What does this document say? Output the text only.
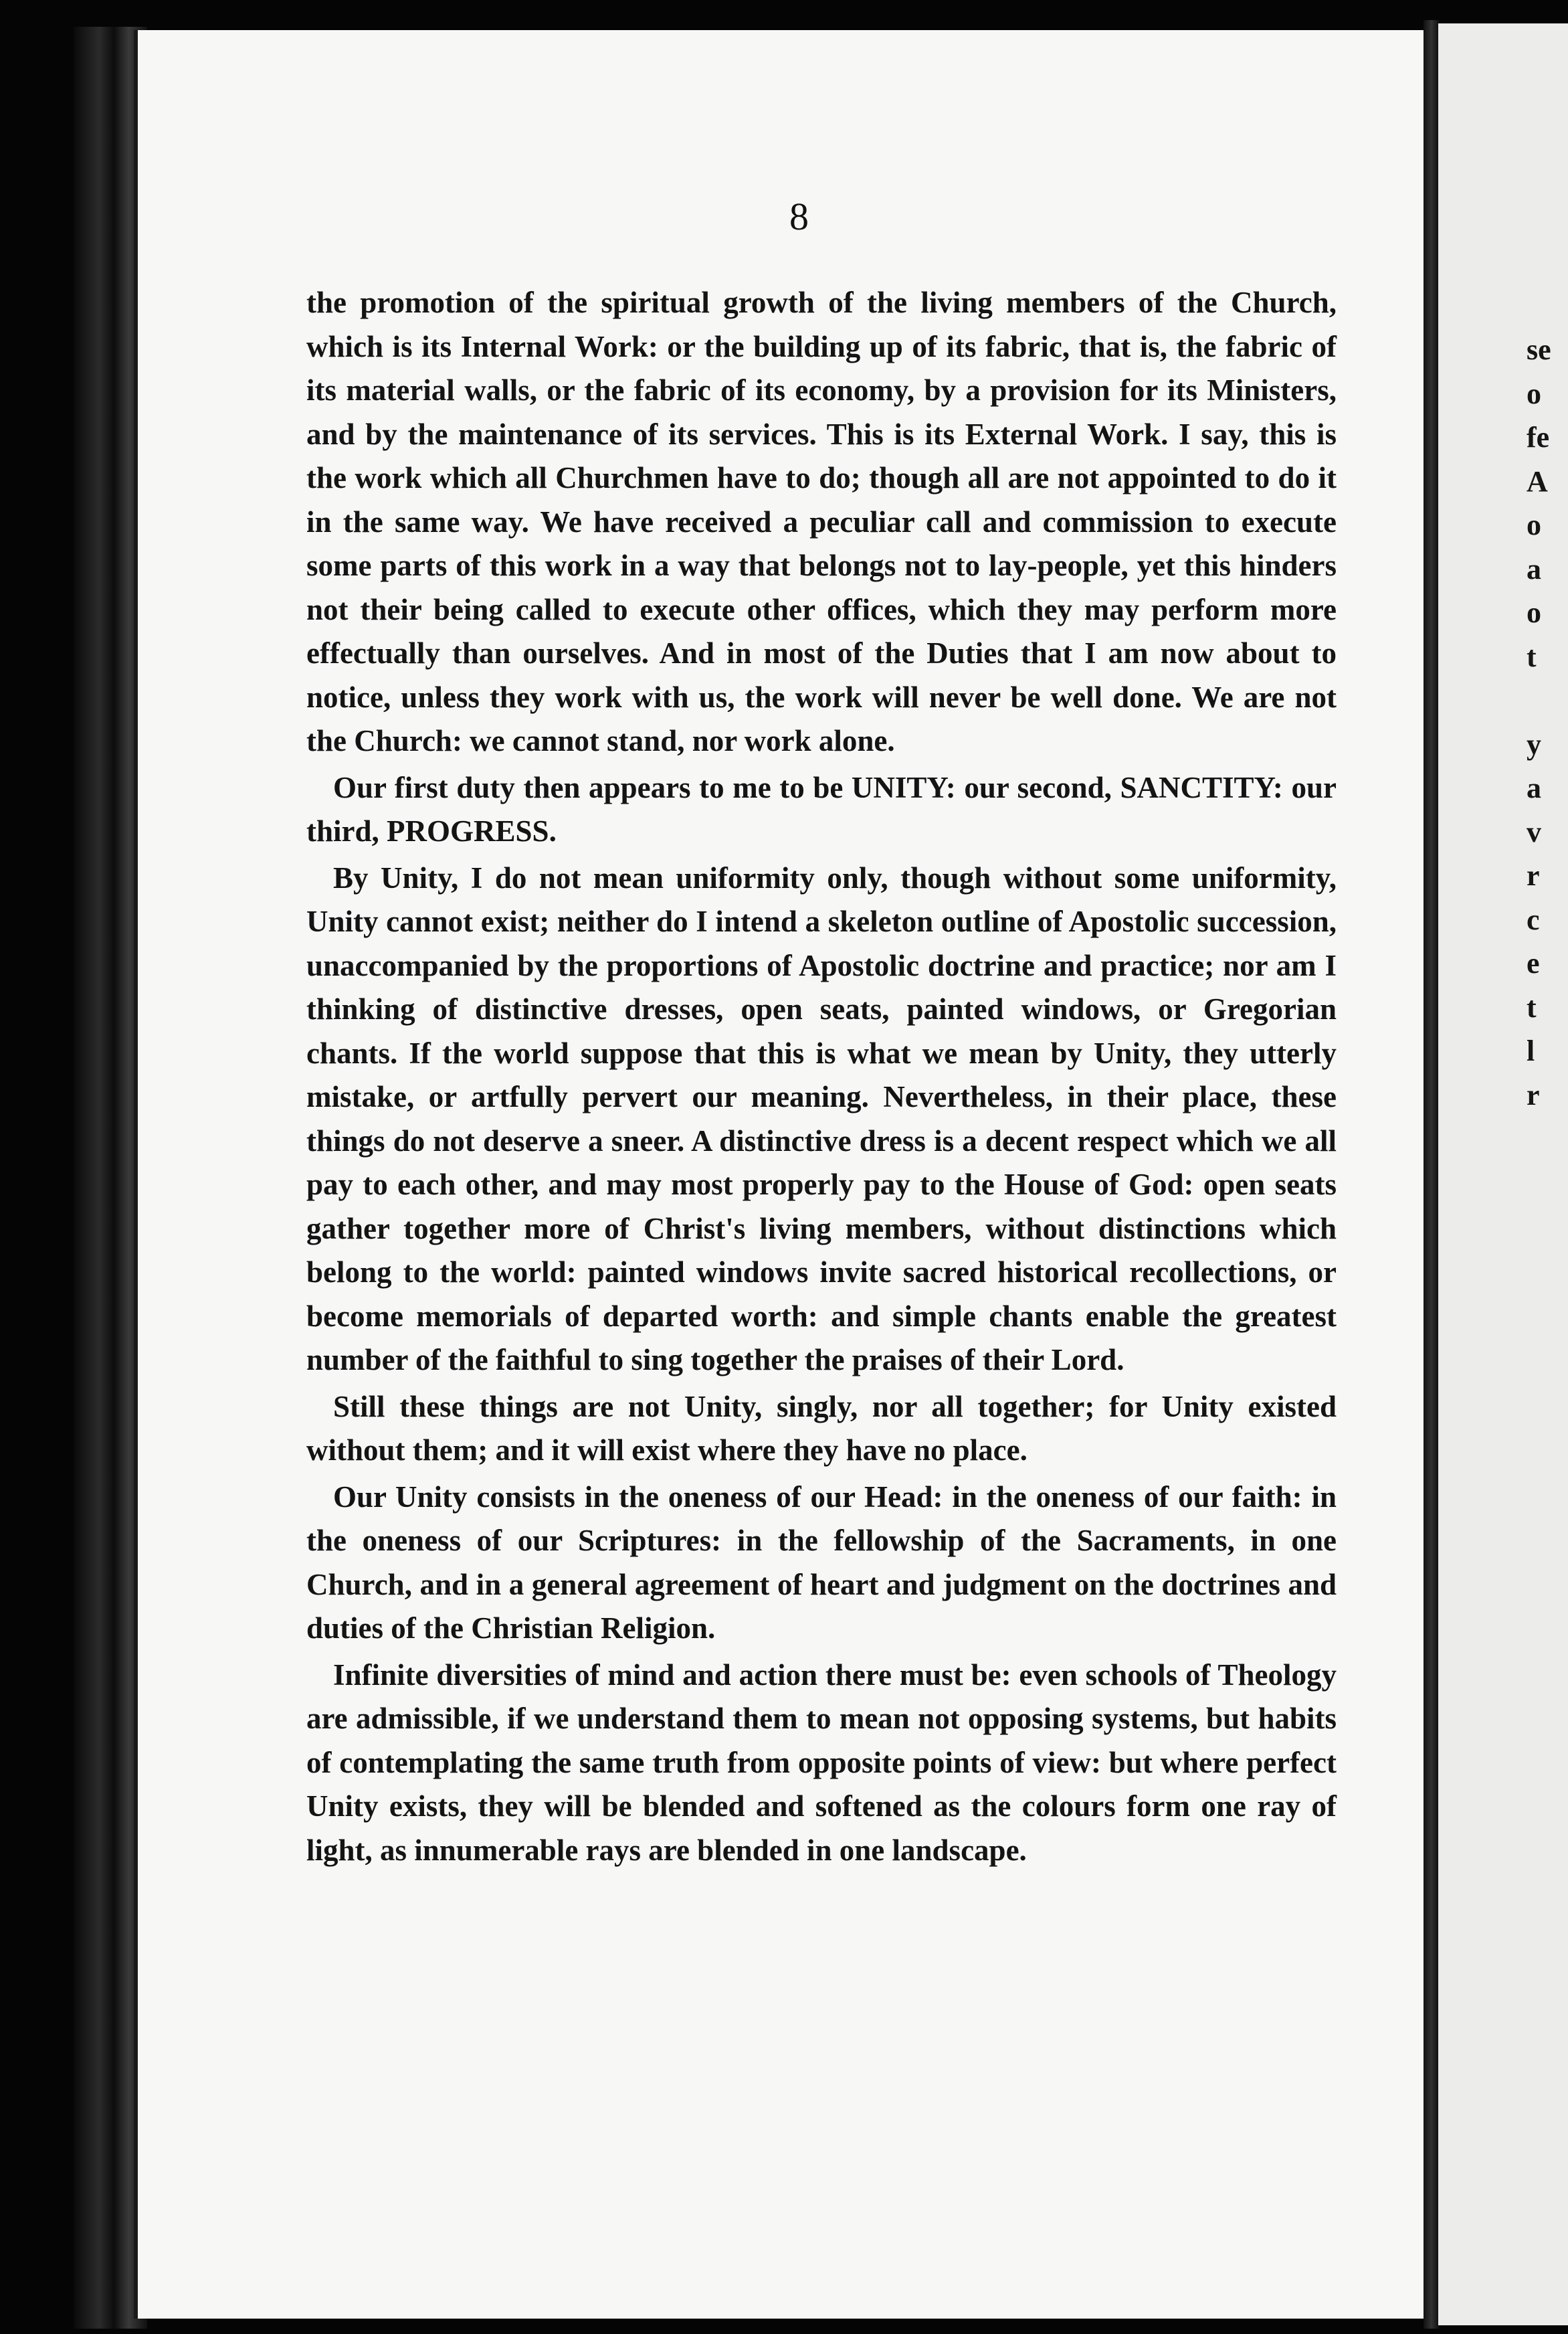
8

the promotion of the spiritual growth of the living members of the Church, which is its Internal Work: or the building up of its fabric, that is, the fabric of its material walls, or the fabric of its economy, by a provision for its Ministers, and by the maintenance of its services. This is its External Work. I say, this is the work which all Churchmen have to do; though all are not appointed to do it in the same way. We have received a peculiar call and commission to execute some parts of this work in a way that belongs not to lay-people, yet this hinders not their being called to execute other offices, which they may perform more effectually than ourselves. And in most of the Duties that I am now about to notice, unless they work with us, the work will never be well done. We are not the Church: we cannot stand, nor work alone.

Our first duty then appears to me to be UNITY: our second, SANCTITY: our third, PROGRESS.

By Unity, I do not mean uniformity only, though without some uniformity, Unity cannot exist; neither do I intend a skeleton outline of Apostolic succession, unaccompanied by the proportions of Apostolic doctrine and practice; nor am I thinking of distinctive dresses, open seats, painted windows, or Gregorian chants. If the world suppose that this is what we mean by Unity, they utterly mistake, or artfully pervert our meaning. Nevertheless, in their place, these things do not deserve a sneer. A distinctive dress is a decent respect which we all pay to each other, and may most properly pay to the House of God: open seats gather together more of Christ's living members, without distinctions which belong to the world: painted windows invite sacred historical recollections, or become memorials of departed worth: and simple chants enable the greatest number of the faithful to sing together the praises of their Lord.

Still these things are not Unity, singly, nor all together; for Unity existed without them; and it will exist where they have no place.

Our Unity consists in the oneness of our Head: in the oneness of our faith: in the oneness of our Scriptures: in the fellowship of the Sacraments, in one Church, and in a general agreement of heart and judgment on the doctrines and duties of the Christian Religion.

Infinite diversities of mind and action there must be: even schools of Theology are admissible, if we understand them to mean not opposing systems, but habits of contemplating the same truth from opposite points of view: but where perfect Unity exists, they will be blended and softened as the colours form one ray of light, as innumerable rays are blended in one landscape.

se
o
fe
A
o
a
o
t
y
a
v
r
c
e
t
l
r
